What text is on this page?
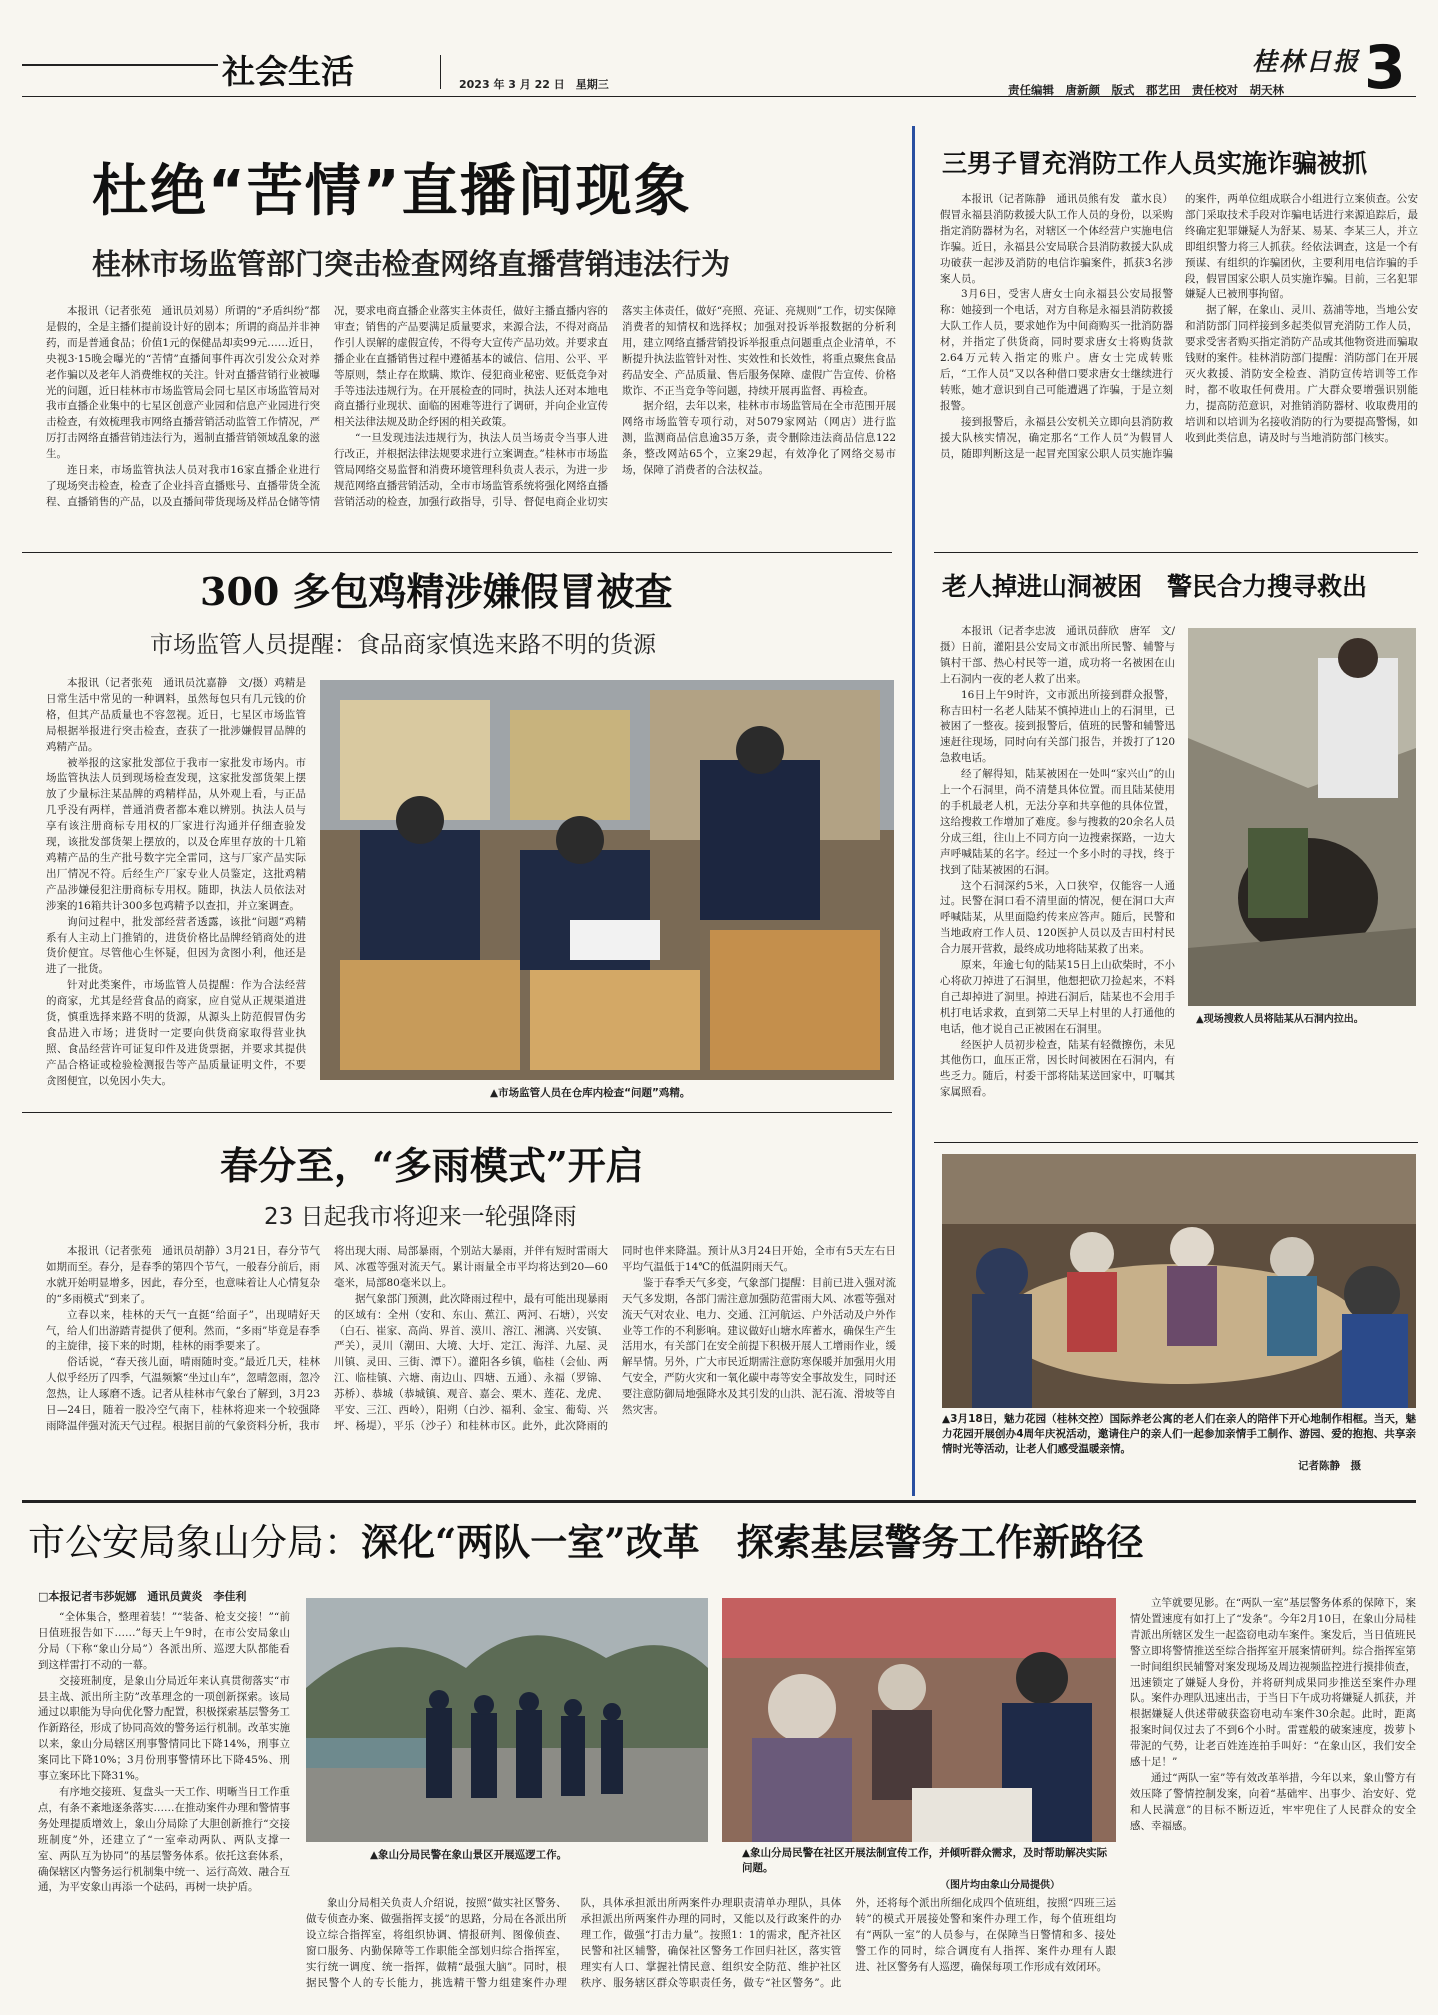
社会生活	2023 年 3 月 22 日　星期三
桂林日报 3
责任编辑　唐新颜　版式　郡艺田　责任校对　胡天林
杜绝“苦情”直播间现象
桂林市场监管部门突击检查网络直播营销违法行为

本报讯（记者张苑　通讯员刘易）所谓的“矛盾纠纷”都是假的，全是主播们提前设计好的剧本；所谓的商品并非神药，而是普通食品；价值1元的保健品却卖99元……近日，央视3·15晚会曝光的“苦情”直播间事件再次引发公众对养老作骗以及老年人消费维权的关注。针对直播营销行业被曝光的问题，近日桂林市市场监管局会同七星区市场监管局对我市直播企业集中的七星区创意产业园和信息产业园进行突击检查，有效梳理我市网络直播营销活动监管工作情况，严厉打击网络直播营销违法行为，遏制直播营销领域乱象的滋生。

连日来，市场监管执法人员对我市16家直播企业进行了现场突击检查，检查了企业抖音直播账号、直播带货全流程、直播销售的产品，以及直播间带货现场及样品仓储等情况，要求电商直播企业落实主体责任，做好主播直播内容的审查；销售的产品要满足质量要求，来源合法，不得对商品作引人误解的虚假宣传，不得夸大宣传产品功效。并要求直播企业在直播销售过程中遵循基本的诚信、信用、公平、平等原则，禁止存在欺瞒、欺诈、侵犯商业秘密、贬低竞争对手等违法违规行为。在开展检查的同时，执法人还对本地电商直播行业现状、面临的困难等进行了调研，并向企业宣传相关法律法规及助企纾困的相关政策。

“一旦发现违法违规行为，执法人员当场责令当事人进行改正，并根据法律法规要求进行立案调查。”桂林市市场监管局网络交易监督和消费环境管理科负责人表示，为进一步规范网络直播营销活动，全市市场监管系统将强化网络直播营销活动的检查，加强行政指导，引导、督促电商企业切实落实主体责任，做好“亮照、亮证、亮规则”工作，切实保障消费者的知情权和选择权；加强对投诉举报数据的分析利用，建立网络直播营销投诉举报重点问题重点企业清单，不断提升执法监管针对性、实效性和长效性，将重点聚焦食品药品安全、产品质量、售后服务保障、虚假广告宣传、价格欺诈、不正当竞争等问题，持续开展再监督、再检查。

据介绍，去年以来，桂林市市场监管局在全市范围开展网络市场监管专项行动，对5079家网站（网店）进行监测，监测商品信息逾35万条，责令删除违法商品信息122条，整改网站65个，立案29起，有效净化了网络交易市场，保障了消费者的合法权益。

三男子冒充消防工作人员实施诈骗被抓

本报讯（记者陈静　通讯员熊有发　董水良）假冒永福县消防救援大队工作人员的身份，以采购指定消防器材为名，对辖区一个体经营户实施电信诈骗。近日，永福县公安局联合县消防救援大队成功破获一起涉及消防的电信诈骗案件，抓获3名涉案人员。

3月6日，受害人唐女士向永福县公安局报警称：她接到一个电话，对方自称是永福县消防救援大队工作人员，要求她作为中间商购买一批消防器材，并指定了供货商，同时要求唐女士将购货款2.64万元转入指定的账户。唐女士完成转账后，“工作人员”又以各种借口要求唐女士继续进行转账，她才意识到自己可能遭遇了诈骗，于是立刻报警。

接到报警后，永福县公安机关立即向县消防救援大队核实情况，确定那名“工作人员”为假冒人员，随即判断这是一起冒充国家公职人员实施诈骗的案件，两单位组成联合小组进行立案侦查。公安部门采取技术手段对诈骗电话进行来源追踪后，最终确定犯罪嫌疑人为舒某、易某、李某三人，并立即组织警力将三人抓获。经依法调查，这是一个有预谋、有组织的诈骗团伙，主要利用电信诈骗的手段，假冒国家公职人员实施诈骗。目前，三名犯罪嫌疑人已被刑事拘留。

据了解，在象山、灵川、荔浦等地，当地公安和消防部门同样接到多起类似冒充消防工作人员，要求受害者购买指定消防产品或其他物资进而骗取钱财的案件。桂林消防部门提醒：消防部门在开展灭火救援、消防安全检查、消防宣传培训等工作时，都不收取任何费用。广大群众要增强识别能力，提高防范意识，对推销消防器材、收取费用的培训和以培训为名接收消防的行为要提高警惕，如收到此类信息，请及时与当地消防部门核实。

300 多包鸡精涉嫌假冒被查
市场监管人员提醒：食品商家慎选来路不明的货源

本报讯（记者张苑　通讯员沈嘉静　文/摄）鸡精是日常生活中常见的一种调料，虽然每包只有几元钱的价格，但其产品质量也不容忽视。近日，七星区市场监管局根据举报进行突击检查，查获了一批涉嫌假冒品牌的鸡精产品。

被举报的这家批发部位于我市一家批发市场内。市场监管执法人员到现场检查发现，这家批发部货架上摆放了少量标注某品牌的鸡精样品，从外观上看，与正品几乎没有两样，普通消费者都本难以辨别。执法人员与享有该注册商标专用权的厂家进行沟通并仔细查验发现，该批发部货架上摆放的，以及仓库里存放的十几箱鸡精产品的生产批号数字完全雷同，这与厂家产品实际出厂情况不符。后经生产厂家专业人员鉴定，这批鸡精产品涉嫌侵犯注册商标专用权。随即，执法人员依法对涉案的16箱共计300多包鸡精予以查扣，并立案调查。

询问过程中，批发部经营者透露，该批“问题”鸡精系有人主动上门推销的，进货价格比品牌经销商处的进货价便宜。尽管他心生怀疑，但因为贪图小利，他还是进了一批货。

针对此类案件，市场监管人员提醒：作为合法经营的商家，尤其是经营食品的商家，应自觉从正规渠道进货，慎重选择来路不明的货源，从源头上防范假冒伪劣食品进入市场；进货时一定要向供货商家取得营业执照、食品经营许可证复印件及进货票据，并要求其提供产品合格证或检验检测报告等产品质量证明文件，不要贪图便宜，以免因小失大。

▲市场监管人员在仓库内检查“问题”鸡精。
老人掉进山洞被困　警民合力搜寻救出

本报讯（记者李忠波　通讯员薛欣　唐军　文/摄）日前，灌阳县公安局文市派出所民警、辅警与镇村干部、热心村民等一道，成功将一名被困在山上石洞内一夜的老人救了出来。

16日上午9时许，文市派出所接到群众报警，称吉田村一名老人陆某不慎掉进山上的石洞里，已被困了一整夜。接到报警后，值班的民警和辅警迅速赶往现场，同时向有关部门报告，并拨打了120急救电话。

经了解得知，陆某被困在一处叫“家兴山”的山上一个石洞里，尚不清楚具体位置。而且陆某使用的手机最老人机，无法分享和共享他的具体位置，这给搜救工作增加了难度。参与搜救的20余名人员分成三组，往山上不同方向一边搜索探路，一边大声呼喊陆某的名字。经过一个多小时的寻找，终于找到了陆某被困的石洞。

这个石洞深约5米，入口狭窄，仅能容一人通过。民警在洞口看不清里面的情况，便在洞口大声呼喊陆某，从里面隐约传来应答声。随后，民警和当地政府工作人员、120医护人员以及吉田村村民合力展开营救，最终成功地将陆某救了出来。

原来，年逾七旬的陆某15日上山砍柴时，不小心将砍刀掉进了石洞里，他想把砍刀捡起来，不料自己却掉进了洞里。掉进石洞后，陆某也不会用手机打电话求救，直到第二天早上村里的人打通他的电话，他才说自己正被困在石洞里。

经医护人员初步检查，陆某有轻微擦伤，未见其他伤口，血压正常，因长时间被困在石洞内，有些乏力。随后，村委干部将陆某送回家中，叮嘱其家属照看。

▲现场搜救人员将陆某从石洞内拉出。
春分至，“多雨模式”开启
23 日起我市将迎来一轮强降雨

本报讯（记者张苑　通讯员胡静）3月21日，春分节气如期而至。春分，是春季的第四个节气，一般春分前后，雨水就开始明显增多，因此，春分至，也意味着让人心情复杂的“多雨模式”到来了。

立春以来，桂林的天气一直挺“给面子”，出现晴好天气，给人们出游踏青提供了便利。然而，“多雨”毕竟是春季的主旋律，接下来的时期，桂林的雨季要来了。

俗话说，“春天孩儿面，晴雨随时变。”最近几天，桂林人似乎经历了四季，气温频繁“坐过山车”，忽晴忽雨，忽冷忽热，让人琢磨不透。记者从桂林市气象台了解到，3月23日—24日，随着一股冷空气南下，桂林将迎来一个较强降雨降温伴强对流天气过程。根据目前的气象资料分析，我市将出现大雨、局部暴雨，个别站大暴雨，并伴有短时雷雨大风、冰雹等强对流天气。累计雨量全市平均将达到20—60毫米，局部80毫米以上。

据气象部门预测，此次降雨过程中，最有可能出现暴雨的区域有：全州（安和、东山、蕉江、两河、石塘），兴安（白石、崔家、高尚、界首、漠川、溶江、湘漓、兴安镇、严关），灵川（潮田、大境、大圩、定江、海洋、九屋、灵川镇、灵田、三街、潭下）。灌阳各乡镇，临桂（会仙、两江、临桂镇、六塘、南边山、四塘、五通）、永福（罗锦、苏桥）、恭城（恭城镇、观音、嘉会、栗木、莲花、龙虎、平安、三江、西岭），阳朔（白沙、福利、金宝、葡萄、兴坪、杨堤），平乐（沙子）和桂林市区。此外，此次降雨的同时也伴来降温。预计从3月24日开始，全市有5天左右日平均气温低于14℃的低温阴雨天气。

鉴于春季天气多变，气象部门提醒：目前已进入强对流天气多发期，各部门需注意加强防范雷雨大风、冰雹等强对流天气对农业、电力、交通、江河航运、户外活动及户外作业等工作的不利影响。建议做好山塘水库蓄水，确保生产生活用水，有关部门在安全前提下积极开展人工增雨作业，缓解旱情。另外，广大市民近期需注意防寒保暖并加强用火用气安全，严防火灾和一氧化碳中毒等安全事故发生，同时还要注意防御局地强降水及其引发的山洪、泥石流、滑坡等自然灾害。

▲3月18日，魅力花园（桂林交控）国际养老公寓的老人们在亲人的陪伴下开心地制作相框。当天，魅力花园开展创办4周年庆祝活动，邀请住户的亲人们一起参加亲情手工制作、游园、爱的抱抱、共享亲情时光等活动，让老人们感受温暖亲情。
记者陈静　摄
市公安局象山分局：深化“两队一室”改革　探索基层警务工作新路径
□本报记者韦莎妮娜　通讯员黄炎　李佳利

“全体集合，整理着装！”“装备、枪支交接！”“前日值班报告如下……”每天上午9时，在市公安局象山分局（下称“象山分局”）各派出所、巡逻大队都能看到这样雷打不动的一幕。

交接班制度，是象山分局近年来认真贯彻落实“市县主战、派出所主防”改革理念的一项创新探索。该局通过以职能为导向优化警力配置，积极探索基层警务工作新路径，形成了协同高效的警务运行机制。改革实施以来，象山分局辖区刑事警情同比下降14%，刑事立案同比下降10%；3月份刑事警情环比下降45%、刑事立案环比下降31%。

有序地交接班、复盘头一天工作、明晰当日工作重点，有条不紊地逐条落实……在推动案件办理和警情事务处理提质增效上，象山分局除了大胆创新推行“交接班制度”外，还建立了“一室牵动两队、两队支撑一室、两队互为协同”的基层警务体系。依托这套体系，确保辖区内警务运行机制集中统一、运行高效、融合互通，为平安象山再添一个砝码，再树一块护盾。

▲象山分局民警在象山景区开展巡逻工作。	▲象山分局民警在社区开展法制宣传工作，并倾听群众需求，及时帮助解决实际问题。
（图片均由象山分局提供）

象山分局相关负责人介绍说，按照“做实社区警务、做专侦查办案、做强指挥支援”的思路，分局在各派出所设立综合指挥室，将组织协调、情报研判、图像侦查、窗口服务、内勤保障等工作职能全部划归综合指挥室，实行统一调度、统一指挥，做精“最强大脑”。同时，根据民警个人的专长能力，挑选精干警力组建案件办理队，具体承担派出所两案件办理职责清单办理队，具体承担派出所两案件办理的同时，又能以及行政案件的办理工作，做强“打击力量”。按照1：1的需求，配齐社区民警和社区辅警，确保社区警务工作回归社区，落实管理实有人口、掌握社情民意、组织安全防范、维护社区秩序、服务辖区群众等职责任务，做专“社区警务”。此外，还将每个派出所细化成四个值班组，按照“四班三运转”的模式开展接处警和案件办理工作，每个值班组均有“两队一室”的人员参与，在保障当日警情和多、接处警工作的同时，综合调度有人指挥、案件办理有人跟进、社区警务有人巡逻，确保每项工作形成有效闭环。

立竿就要见影。在“两队一室”基层警务体系的保障下，案情处置速度有如打上了“发条”。今年2月10日，在象山分局桂青派出所辖区发生一起盗窃电动车案件。案发后，当日值班民警立即将警情推送至综合指挥室开展案情研判。综合指挥室第一时间组织民辅警对案发现场及周边视频监控进行摸排侦查，迅速锁定了嫌疑人身份，并将研判成果同步推送至案件办理队。案件办理队迅速出击，于当日下午成功将嫌疑人抓获，并根据嫌疑人供述带破获盗窃电动车案件30余起。此时，距离报案时间仅过去了不到6个小时。雷霆般的破案速度，拨萝卜带泥的气势，让老百姓连连拍手叫好：“在象山区，我们安全感十足！”

通过“两队一室”等有效改革举措，今年以来，象山警方有效压降了警情控制发案，向着“基础牢、出事少、治安好、党和人民满意”的目标不断迈近，牢牢兜住了人民群众的安全感、幸福感。
